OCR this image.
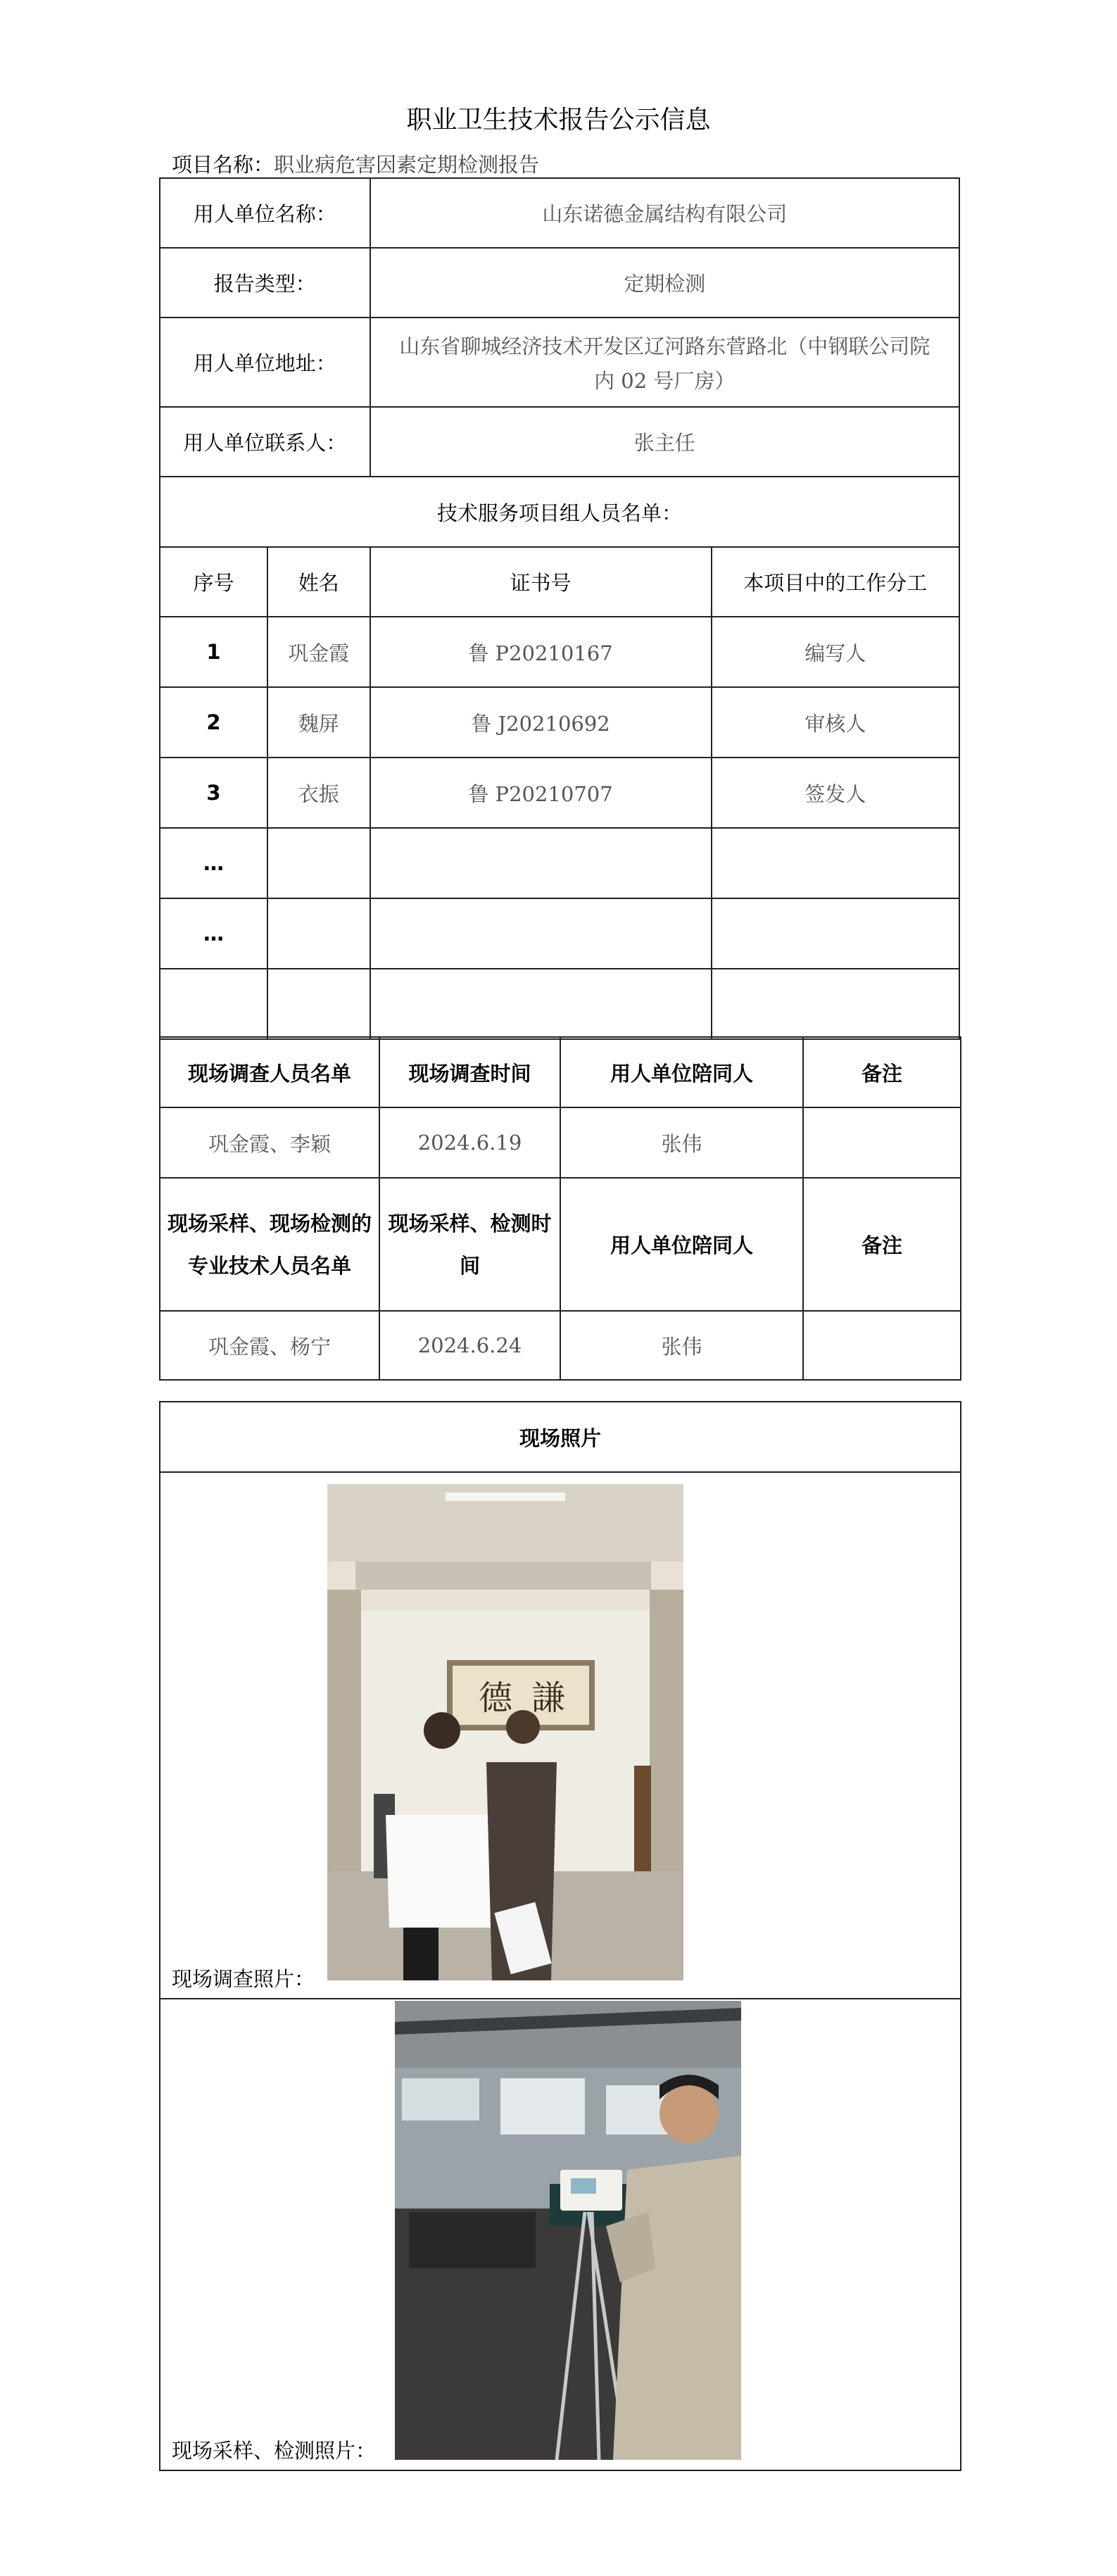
职业卫生技术报告公示信息
项目名称：职业病危害因素定期检测报告
用人单位名称：		山东诺德金属结构有限公司	
报告类型：		定期检测	
用人单位地址：		山东省聊城经济技术开发区辽河路东菅路北（中钢联公司院
内 02 号厂房）	

用人单位联系人：		张主任	
技术服务项目组人员名单：			
序号	姓名	证书号	本项目中的工作分工
1	巩金霞	鲁 P20210167	编写人
2	魏屏	鲁 J20210692	审核人
3	衣振	鲁 P20210707	签发人
…			
…			

现场调查人员名单	现场调查时间	用人单位陪同人	备注
巩金霞、李颖	2024.6.19	张伟	
现场采样、现场检测的专业技术人员名单	现场采样、检测时间	用人单位陪同人	备注
巩金霞、杨宁	2024.6.24	张伟	
现场照片

德 謙
现场调查照片：

现场采样、检测照片：
